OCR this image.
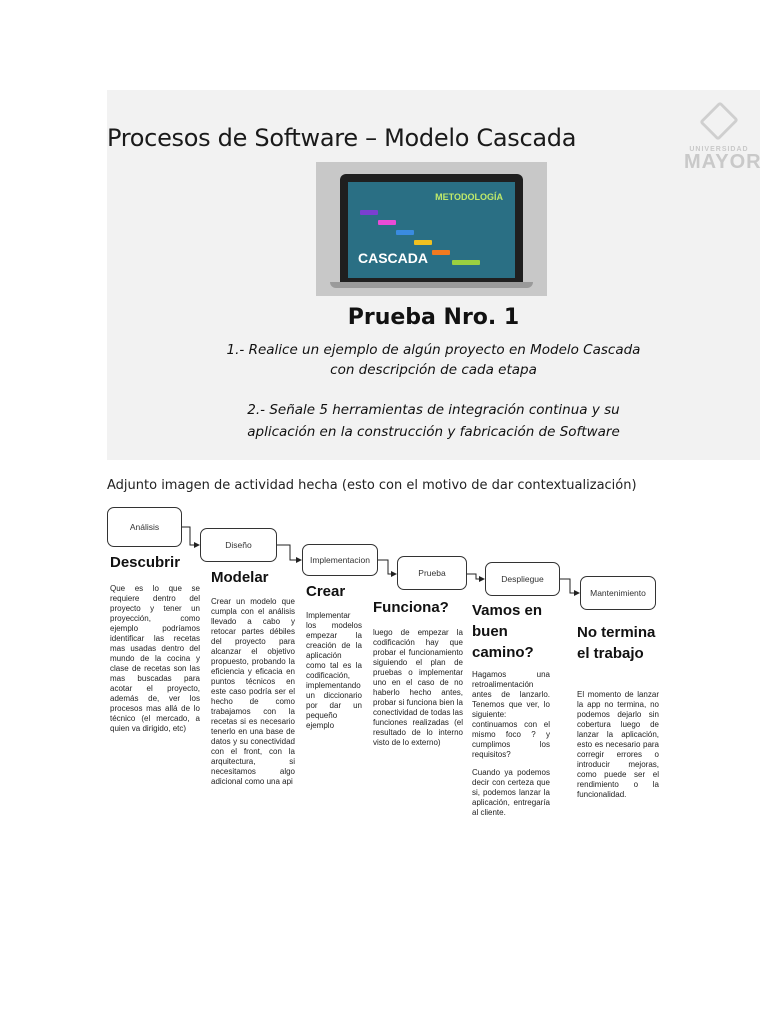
Procesos de Software – Modelo Cascada	UNIVERSIDAD
MAYOR
METODOLOGÍA
CASCADA
Prueba Nro. 1
1.- Realice un ejemplo de algún proyecto en Modelo Cascada
con descripción de cada etapa
2.- Señale 5 herramientas de integración continua y su
aplicación en la construcción y fabricación de Software
Adjunto imagen de actividad hecha (esto con el motivo de dar contextualización)
Análisis
Diseño
Implementacion
Prueba
Despliegue
Mantenimiento
Descubrir
Modelar
Crear
Funciona? Vamos en buen camino?
No termina el trabajo
Que es lo que se requiere dentro del proyecto y tener un proyección, como ejemplo podríamos identificar las recetas mas usadas dentro del mundo de la cocina y clase de recetas son las mas buscadas para acotar el proyecto, además de, ver los procesos mas allá de lo técnico (el mercado, a quien va dirigido, etc)
Crear un modelo que cumpla con el análisis llevado a cabo y retocar partes débiles del proyecto para alcanzar el objetivo propuesto, probando la eficiencia y eficacia en puntos técnicos en este caso podría ser el hecho de como trabajamos con la recetas si es necesario tenerlo en una base de datos y su conectividad con el front, con la arquitectura, si necesitamos algo adicional como una api
Implementar los modelos empezar la creación de la aplicación como tal es la codificación, implementando un diccionario por dar un pequeño ejemplo
luego de empezar la codificación hay que probar el funcionamiento siguiendo el plan de pruebas o implementar uno en el caso de no haberlo hecho antes, probar si funciona bien la conectividad de todas las funciones realizadas (el resultado de lo interno visto de lo externo)
Hagamos una retroalimentación antes de lanzarlo. Tenemos que ver, lo siguiente: continuamos con el mismo foco ? y cumplimos los requisitos?
Cuando ya podemos decir con certeza que si, podemos lanzar la aplicación, entregaría al cliente.
El momento de lanzar la app no termina, no podemos dejarlo sin cobertura luego de lanzar la aplicación, esto es necesario para corregir errores o introducir mejoras, como puede ser el rendimiento o la funcionalidad.
